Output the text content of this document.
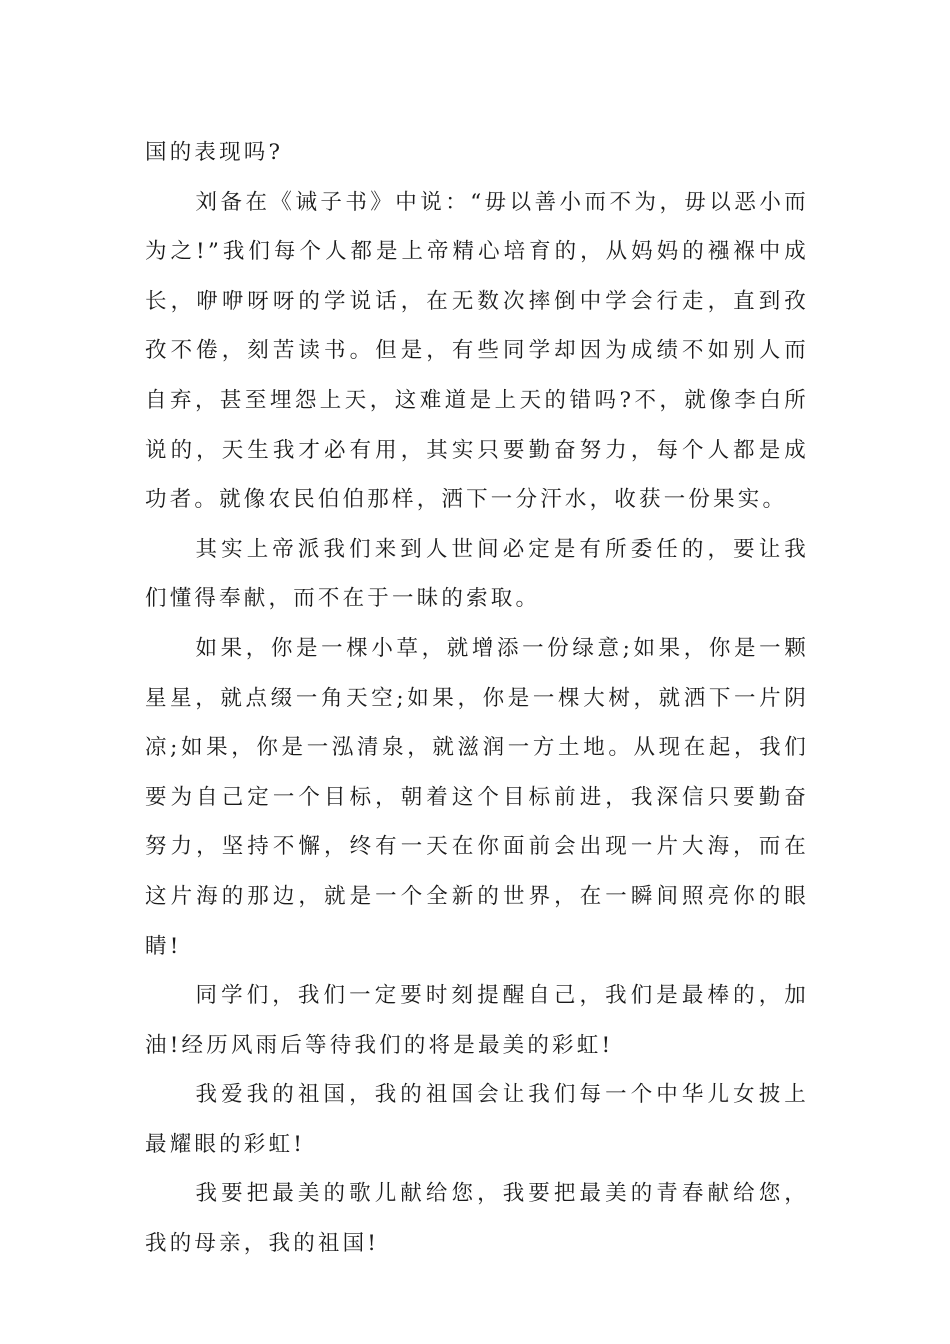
国的表现吗?

刘备在《诫子书》中说：“毋以善小而不为，毋以恶小而为之!”我们每个人都是上帝精心培育的，从妈妈的襁褓中成长，咿咿呀呀的学说话，在无数次摔倒中学会行走，直到孜孜不倦，刻苦读书。但是，有些同学却因为成绩不如别人而自弃，甚至埋怨上天，这难道是上天的错吗?不，就像李白所说的，天生我才必有用，其实只要勤奋努力，每个人都是成功者。就像农民伯伯那样，洒下一分汗水，收获一份果实。

其实上帝派我们来到人世间必定是有所委任的，要让我们懂得奉献，而不在于一昧的索取。

如果，你是一棵小草，就增添一份绿意;如果，你是一颗星星，就点缀一角天空;如果，你是一棵大树，就洒下一片阴凉;如果，你是一泓清泉，就滋润一方土地。从现在起，我们要为自己定一个目标，朝着这个目标前进，我深信只要勤奋努力，坚持不懈，终有一天在你面前会出现一片大海，而在这片海的那边，就是一个全新的世界，在一瞬间照亮你的眼睛!

同学们，我们一定要时刻提醒自己，我们是最棒的，加油!经历风雨后等待我们的将是最美的彩虹!

我爱我的祖国，我的祖国会让我们每一个中华儿女披上最耀眼的彩虹!

我要把最美的歌儿献给您，我要把最美的青春献给您，我的母亲，我的祖国!
